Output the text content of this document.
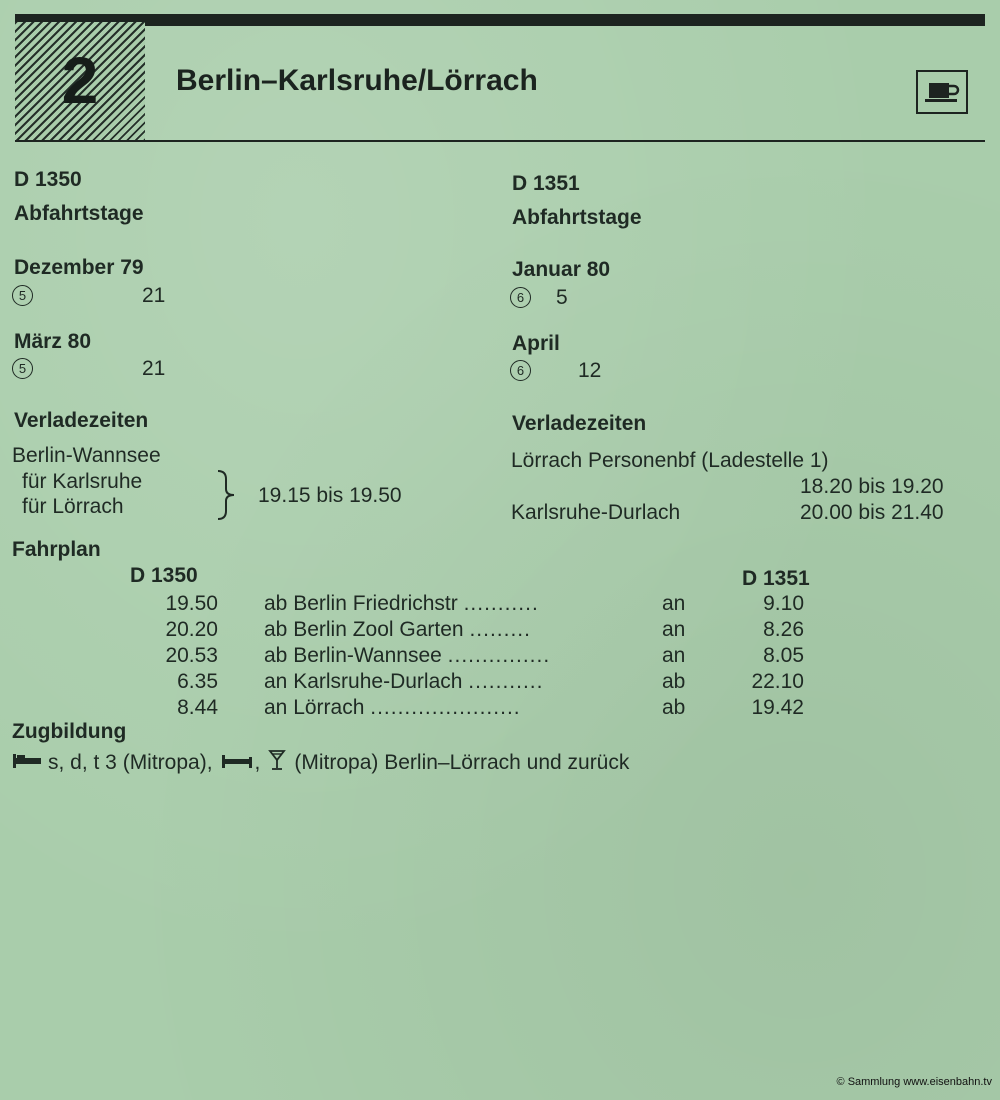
2	Berlin–Karlsruhe/Lörrach
D 1350
Abfahrtstage
Dezember 79
5	21
März 80
5	21
Verladezeiten
Berlin-Wannsee
für Karlsruhe
für Lörrach	19.15 bis 19.50
D 1351
Abfahrtstage
Januar 80
6	5
April
6	12
Verladezeiten
Lörrach Personenbf (Ladestelle 1)
18.20 bis 19.20
Karlsruhe-Durlach	20.00 bis 21.40
Fahrplan
D 1350	D 1351
19.50 ab Berlin Friedrichstr ...........	an	9.10
20.20 ab Berlin Zool Garten .........	an	8.26
20.53 ab Berlin-Wannsee ...............	an	8.05
6.35 an Karlsruhe-Durlach ...........	ab	22.10
8.44 an Lörrach ......................	ab	19.42
Zugbildung
s, d, t 3 (Mitropa), , (Mitropa) Berlin–Lörrach und zurück
© Sammlung www.eisenbahn.tv
